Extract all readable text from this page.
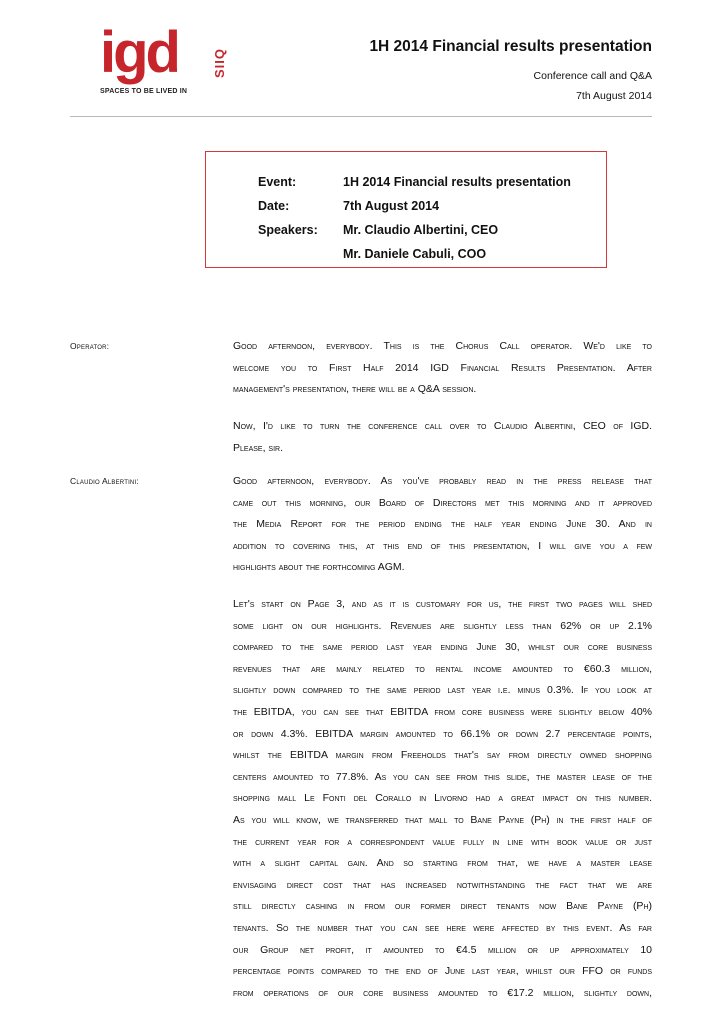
igd	SIIQ
SPACES TO BE LIVED IN
1H 2014 Financial results presentation
Conference call and Q&A
7th August 2014
Event:	1H 2014 Financial results presentation
Date:	7th August 2014
Speakers: Mr. Claudio Albertini, CEO
Mr. Daniele Cabuli, COO
Operator:	Good afternoon, everybody. This is the Chorus Call operator. We'd like to
welcome you to First Half 2014 IGD Financial Results Presentation. After
management's presentation, there will be a Q&A session.
Now, I'd like to turn the conference call over to Claudio Albertini, CEO of IGD.
Please, sir.
Claudio Albertini:	Good afternoon, everybody. As you've probably read in the press release that
came out this morning, our Board of Directors met this morning and it approved
the Media Report for the period ending the half year ending June 30. And in
addition to covering this, at this end of this presentation, I will give you a few
highlights about the forthcoming AGM.
Let's start on Page 3, and as it is customary for us, the first two pages will shed
some light on our highlights. Revenues are slightly less than 62% or up 2.1%
compared to the same period last year ending June 30, whilst our core business
revenues that are mainly related to rental income amounted to €60.3 million,
slightly down compared to the same period last year i.e. minus 0.3%. If you look at
the EBITDA, you can see that EBITDA from core business were slightly below 40%
or down 4.3%. EBITDA margin amounted to 66.1% or down 2.7 percentage points,
whilst the EBITDA margin from Freeholds that's say from directly owned shopping
centers amounted to 77.8%. As you can see from this slide, the master lease of the
shopping mall Le Fonti del Corallo in Livorno had a great impact on this number.
As you will know, we transferred that mall to Bane Payne (Ph) in the first half of
the current year for a correspondent value fully in line with book value or just
with a slight capital gain. And so starting from that, we have a master lease
envisaging direct cost that has increased notwithstanding the fact that we are
still directly cashing in from our former direct tenants now Bane Payne (Ph)
tenants. So the number that you can see here were affected by this event. As far
our Group net profit, it amounted to €4.5 million or up approximately 10
percentage points compared to the end of June last year, whilst our FFO or funds
from operations of our core business amounted to €17.2 million, slightly down,
